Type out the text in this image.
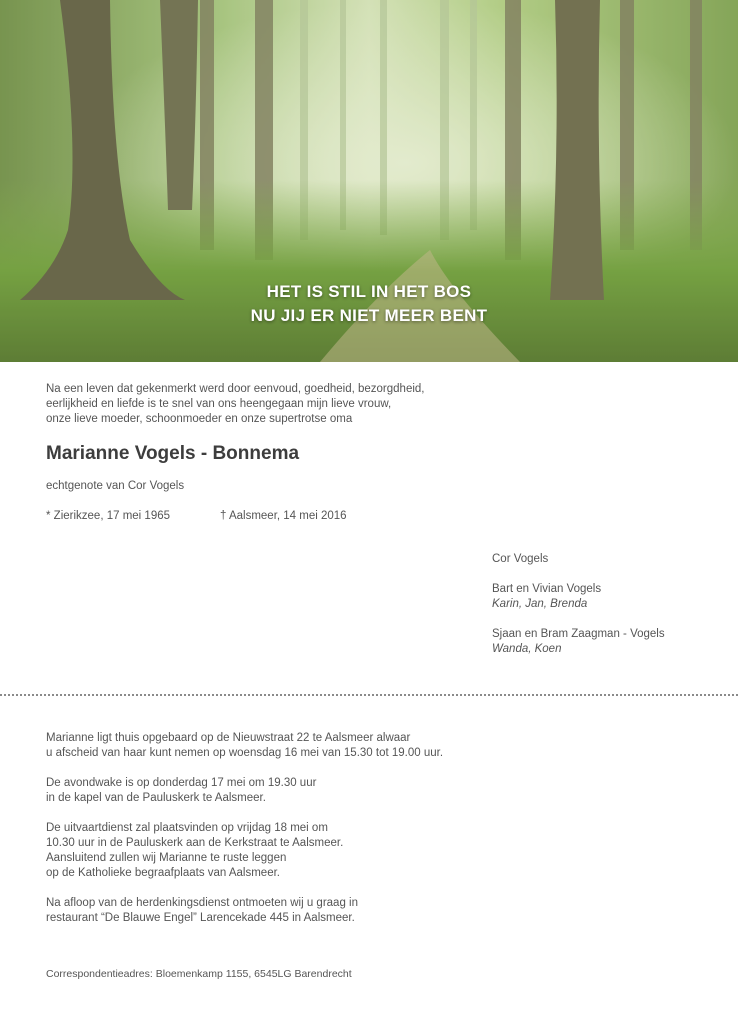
HET IS STIL IN HET BOS
NU JIJ ER NIET MEER BENT
Na een leven dat gekenmerkt werd door eenvoud, goedheid, bezorgdheid,
eerlijkheid en liefde is te snel van ons heengegaan mijn lieve vrouw,
onze lieve moeder, schoonmoeder en onze supertrotse oma
Marianne Vogels - Bonnema
echtgenote van Cor Vogels
* Zierikzee, 17 mei 1965	† Aalsmeer, 14 mei 2016
Cor Vogels
Bart en Vivian Vogels
Karin, Jan, Brenda
Sjaan en Bram Zaagman - Vogels
Wanda, Koen
Marianne ligt thuis opgebaard op de Nieuwstraat 22 te Aalsmeer alwaar
u afscheid van haar kunt nemen op woensdag 16 mei van 15.30 tot 19.00 uur.
De avondwake is op donderdag 17 mei om 19.30 uur
in de kapel van de Pauluskerk te Aalsmeer.
De uitvaartdienst zal plaatsvinden op vrijdag 18 mei om
10.30 uur in de Pauluskerk aan de Kerkstraat te Aalsmeer.
Aansluitend zullen wij Marianne te ruste leggen
op de Katholieke begraafplaats van Aalsmeer.
Na afloop van de herdenkingsdienst ontmoeten wij u graag in
restaurant “De Blauwe Engel” Larencekade 445 in Aalsmeer.
Correspondentieadres: Bloemenkamp 1155, 6545LG Barendrecht
